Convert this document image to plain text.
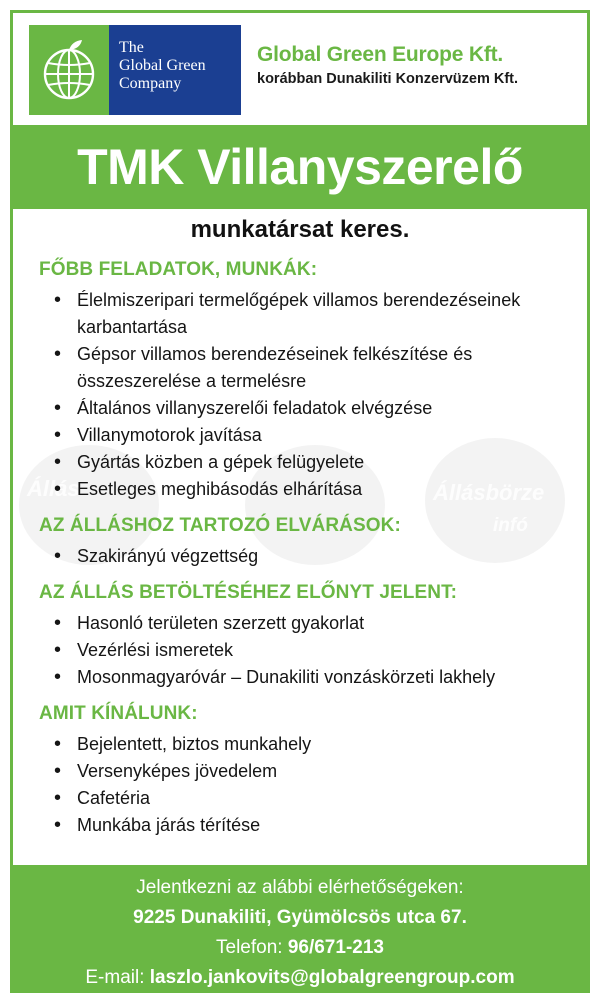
The
Global Green
Company
Global Green Europe Kft.
korábban Dunakiliti Konzervüzem Kft.
TMK Villanyszerelő
munkatársat keres.
Állás	Állásbörze
infó
FŐBB FELADATOK, MUNKÁK:
• Élelmiszeripari termelőgépek villamos berendezéseinek karbantartása
• Gépsor villamos berendezéseinek felkészítése és összeszerelése a termelésre
• Általános villanyszerelői feladatok elvégzése
• Villanymotorok javítása
• Gyártás közben a gépek felügyelete
• Esetleges meghibásodás elhárítása
AZ ÁLLÁSHOZ TARTOZÓ ELVÁRÁSOK:
• Szakirányú végzettség
AZ ÁLLÁS BETÖLTÉSÉHEZ ELŐNYT JELENT:
• Hasonló területen szerzett gyakorlat
• Vezérlési ismeretek
• Mosonmagyaróvár – Dunakiliti vonzáskörzeti lakhely
AMIT KÍNÁLUNK:
• Bejelentett, biztos munkahely
• Versenyképes jövedelem
• Cafetéria
• Munkába járás térítése
Jelentkezni az alábbi elérhetőségeken:
9225 Dunakiliti, Gyümölcsös utca 67.
Telefon: 96/671-213
E-mail: laszlo.jankovits@globalgreengroup.com
